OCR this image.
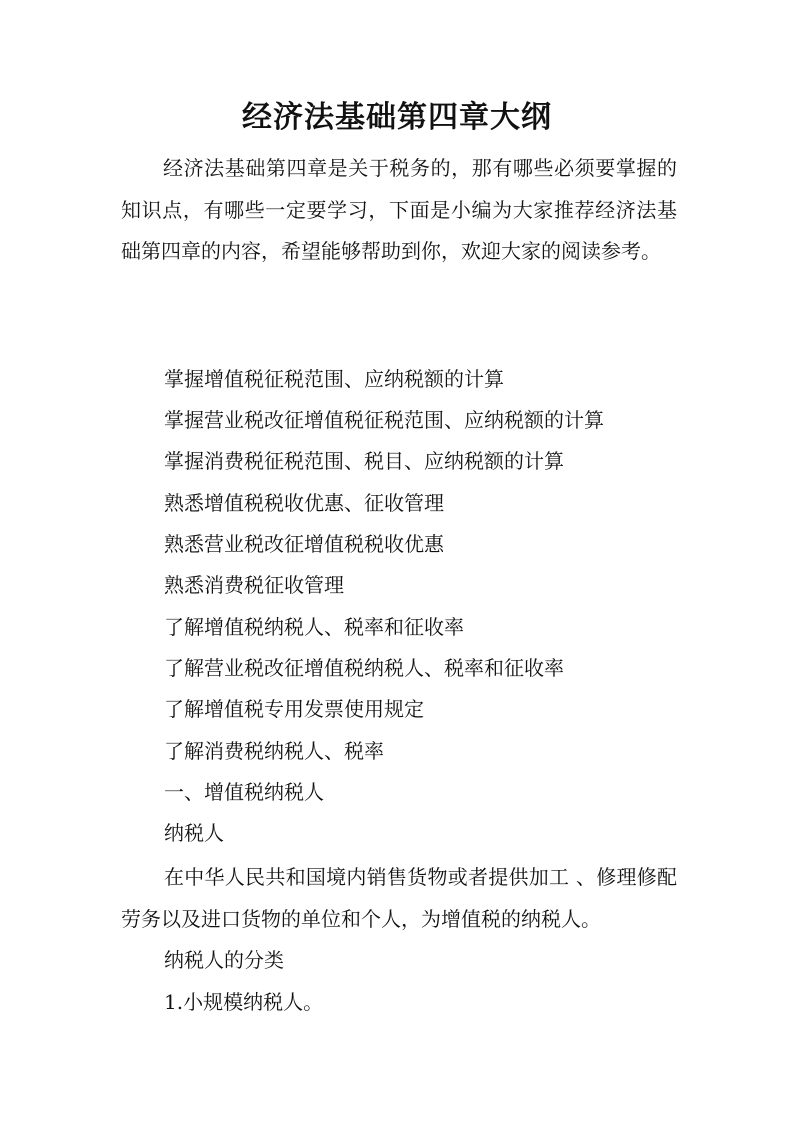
经济法基础第四章大纲

经济法基础第四章是关于税务的，那有哪些必须要掌握的知识点，有哪些一定要学习，下面是小编为大家推荐经济法基础第四章的内容，希望能够帮助到你，欢迎大家的阅读参考。

掌握增值税征税范围、应纳税额的计算

掌握营业税改征增值税征税范围、应纳税额的计算

掌握消费税征税范围、税目、应纳税额的计算

熟悉增值税税收优惠、征收管理

熟悉营业税改征增值税税收优惠

熟悉消费税征收管理

了解增值税纳税人、税率和征收率

了解营业税改征增值税纳税人、税率和征收率

了解增值税专用发票使用规定

了解消费税纳税人、税率

一、增值税纳税人

纳税人

在中华人民共和国境内销售货物或者提供加工 、修理修配劳务以及进口货物的单位和个人，为增值税的纳税人。

纳税人的分类

1.小规模纳税人。
